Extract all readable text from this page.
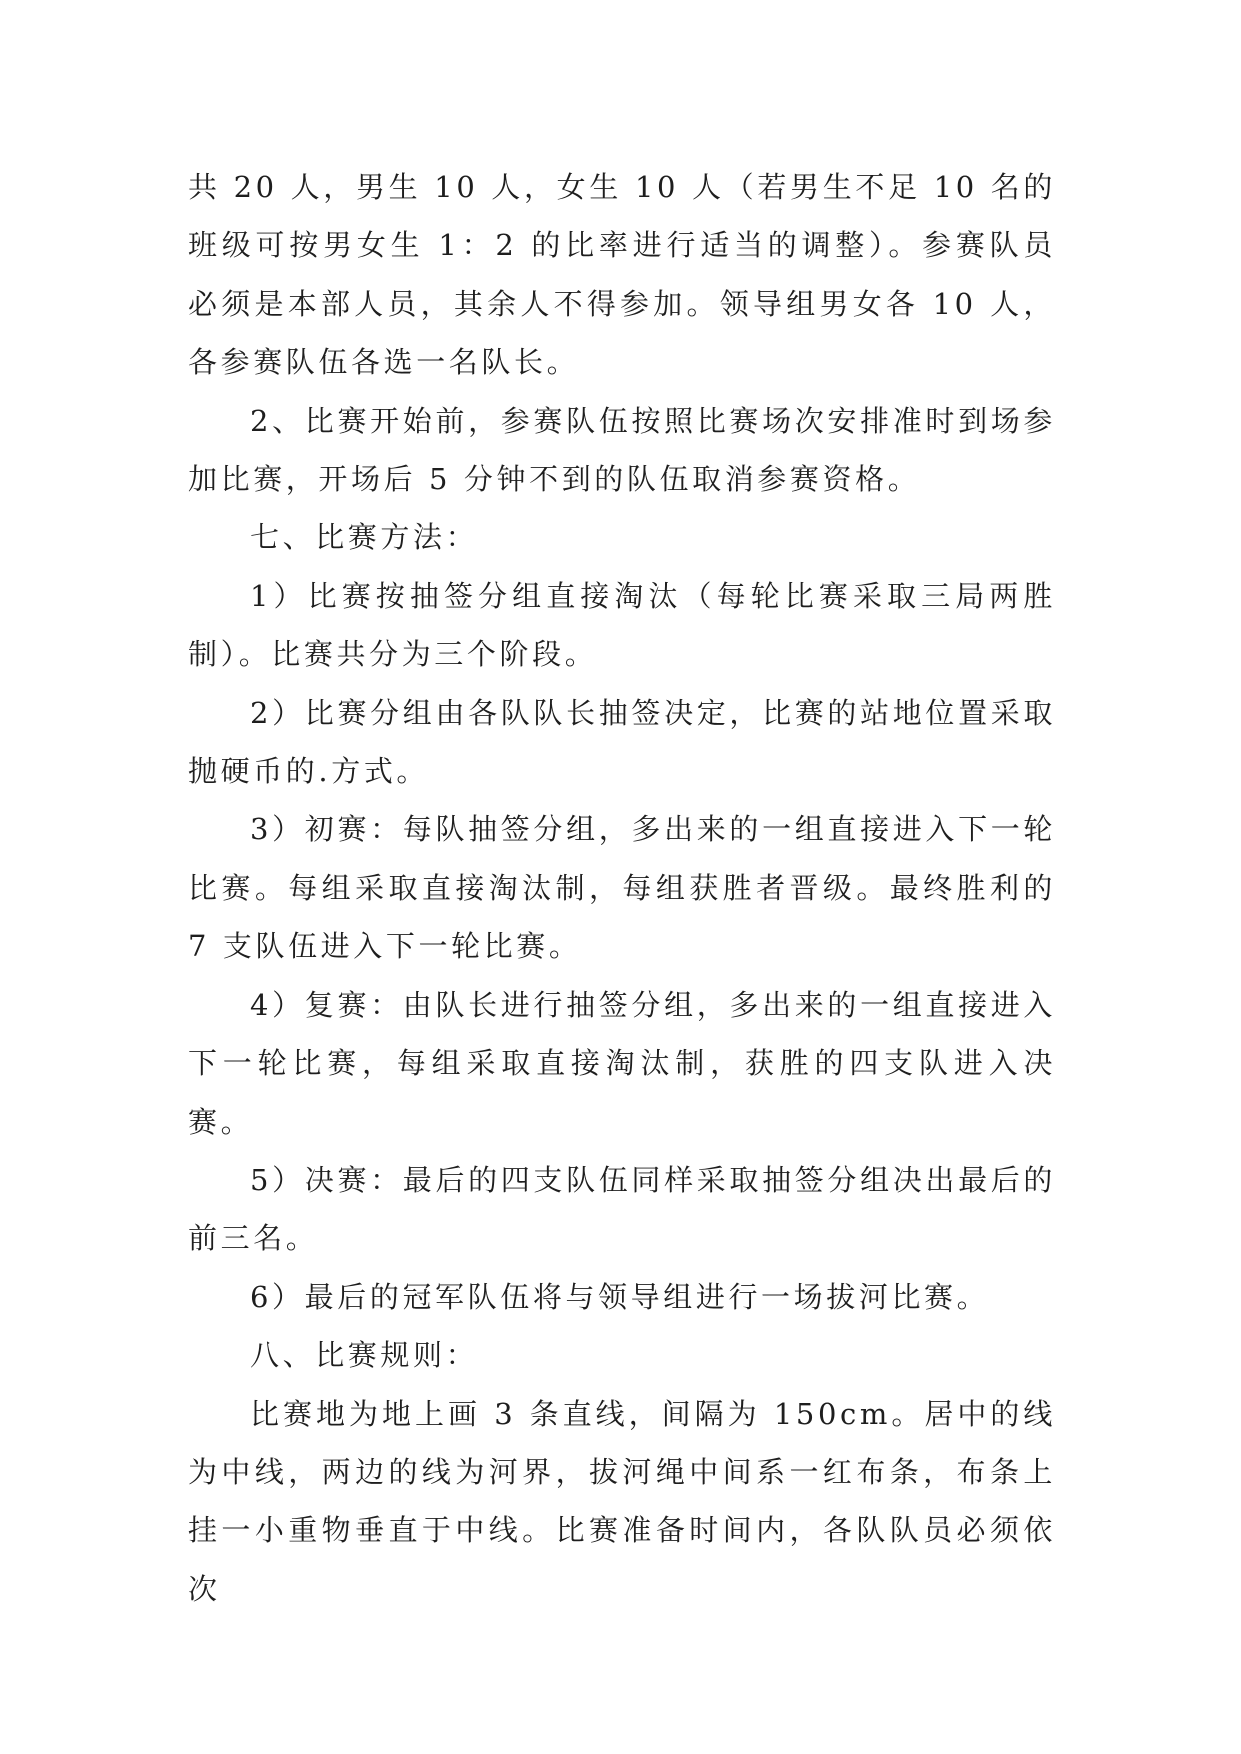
共 20 人，男生 10 人，女生 10 人（若男生不足 10 名的班级可按男女生 1：2 的比率进行适当的调整）。参赛队员必须是本部人员，其余人不得参加。领导组男女各 10 人，各参赛队伍各选一名队长。

2、比赛开始前，参赛队伍按照比赛场次安排准时到场参加比赛，开场后 5 分钟不到的队伍取消参赛资格。

七、比赛方法：

1）比赛按抽签分组直接淘汰（每轮比赛采取三局两胜制）。比赛共分为三个阶段。

2）比赛分组由各队队长抽签决定，比赛的站地位置采取抛硬币的.方式。

3）初赛：每队抽签分组，多出来的一组直接进入下一轮比赛。每组采取直接淘汰制，每组获胜者晋级。最终胜利的 7 支队伍进入下一轮比赛。

4）复赛：由队长进行抽签分组，多出来的一组直接进入下一轮比赛，每组采取直接淘汰制，获胜的四支队进入决赛。

5）决赛：最后的四支队伍同样采取抽签分组决出最后的前三名。

6）最后的冠军队伍将与领导组进行一场拔河比赛。

八、比赛规则：

比赛地为地上画 3 条直线，间隔为 150cm。居中的线为中线，两边的线为河界，拔河绳中间系一红布条，布条上挂一小重物垂直于中线。比赛准备时间内，各队队员必须依次
